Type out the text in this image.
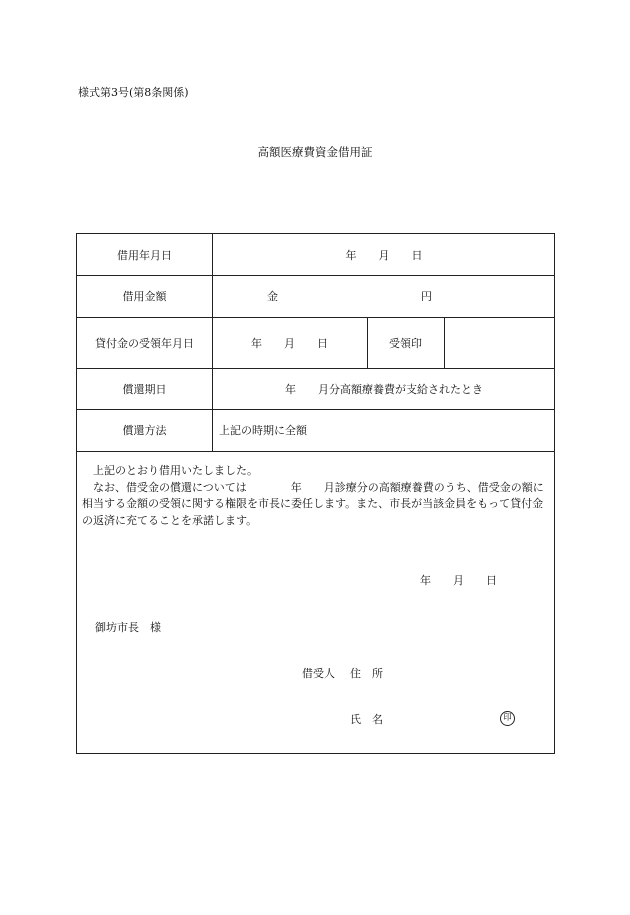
様式第3号(第8条関係)
高額医療費資金借用証
借用年月日	年　　月　　日
借用金額	金	円
貸付金の受領年月日	年　　月　　日	受領印
償還期日	年　　月分高額療養費が支給されたとき
償還方法	上記の時期に全額

上記のとおり借用いたしました。

なお、借受金の償還については　　　　年　　月診療分の高額療養費のうち、借受金の額に相当する金額の受領に関する権限を市長に委任します。また、市長が当該金員をもって貸付金の返済に充てることを承諾します。

年　　月　　日
御坊市長　様
借受人 住　所
氏　名	印
